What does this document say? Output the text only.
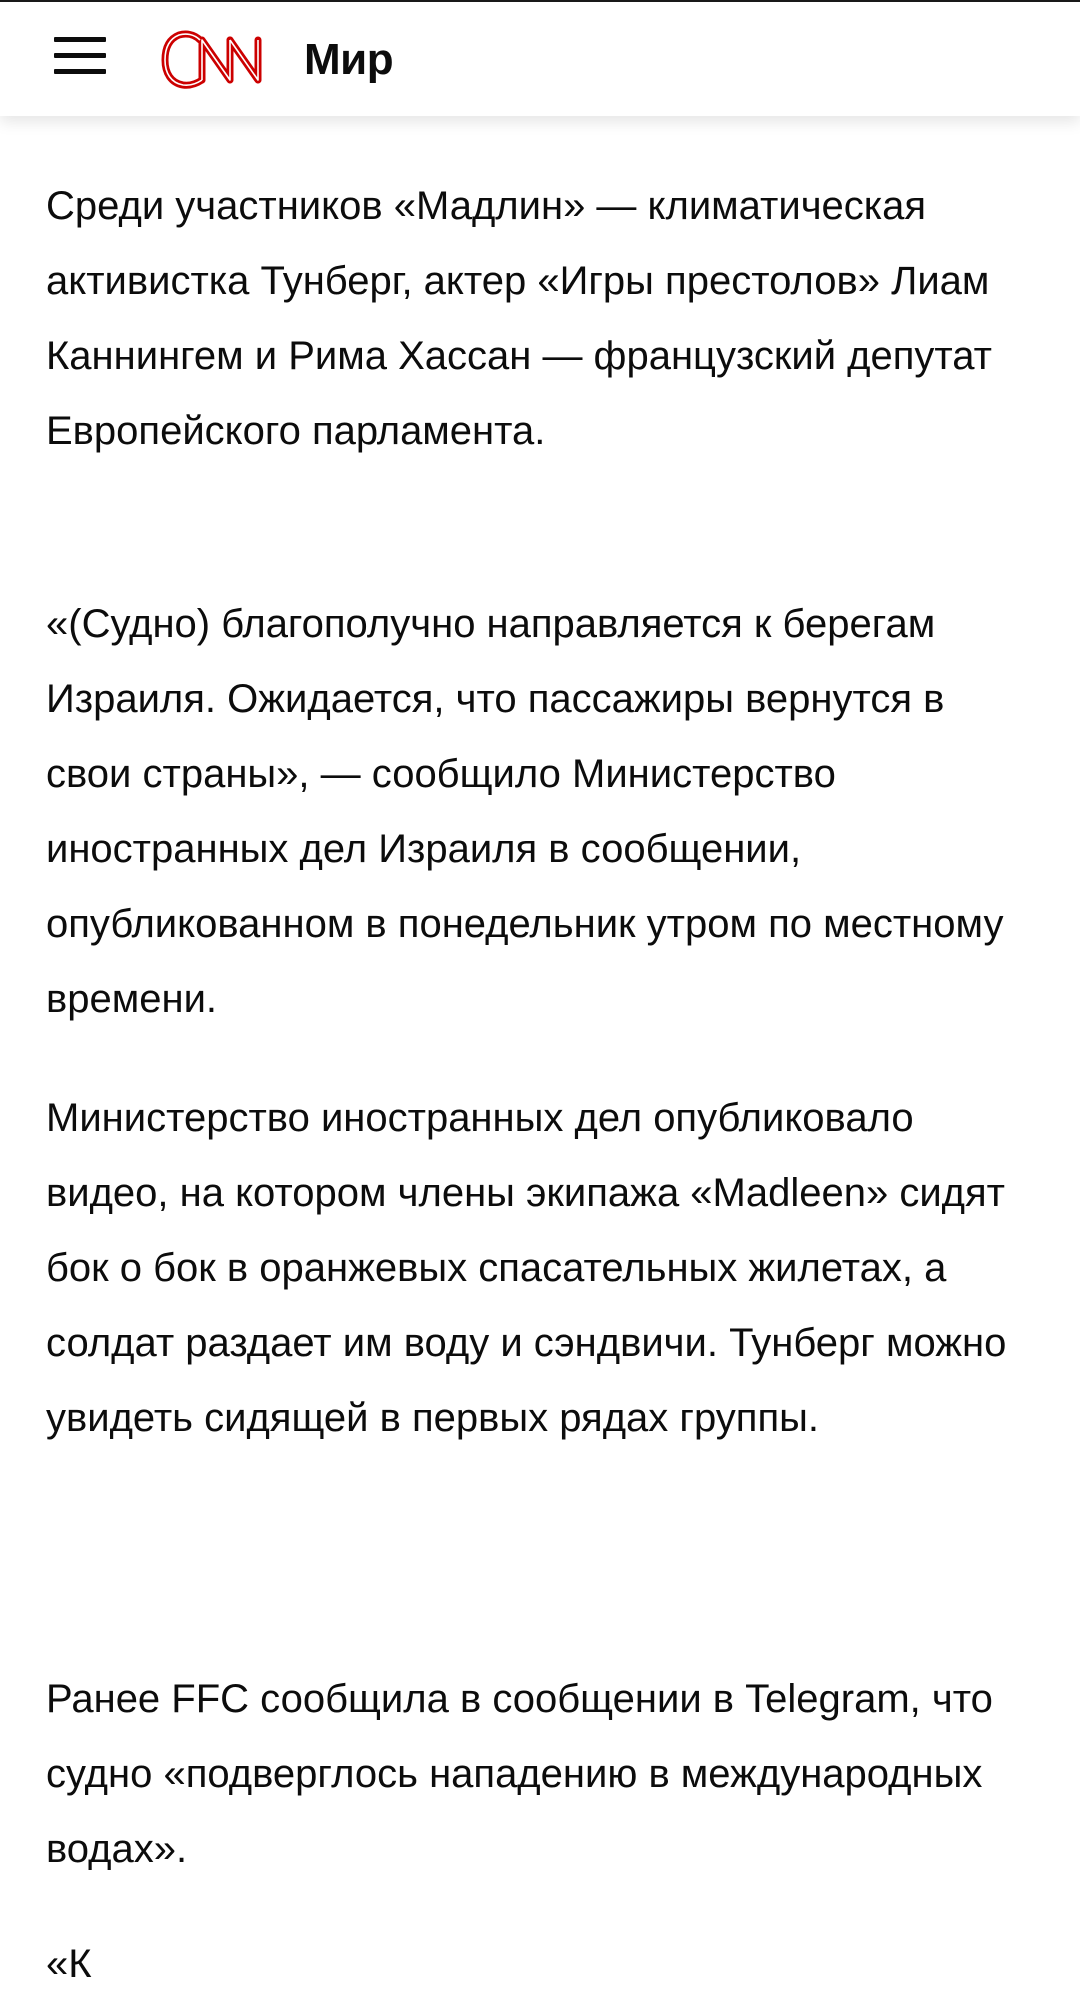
Мир

Среди участников «Мадлин» — климатическая активистка Тунберг, актер «Игры престолов» Лиам Каннингем и Рима Хассан — французский депутат Европейского парламента.

«(Судно) благополучно направляется к берегам Израиля. Ожидается, что пассажиры вернутся в свои страны», — сообщило Министерство иностранных дел Израиля в сообщении, опубликованном в понедельник утром по местному времени.

Министерство иностранных дел опубликовало видео, на котором члены экипажа «Madleen» сидят бок о бок в оранжевых спасательных жилетах, а солдат раздает им воду и сэндвичи. Тунберг можно увидеть сидящей в первых рядах группы.

Ранее FFC сообщила в сообщении в Telegram, что судно «подверглось нападению в международных водах».

«К
